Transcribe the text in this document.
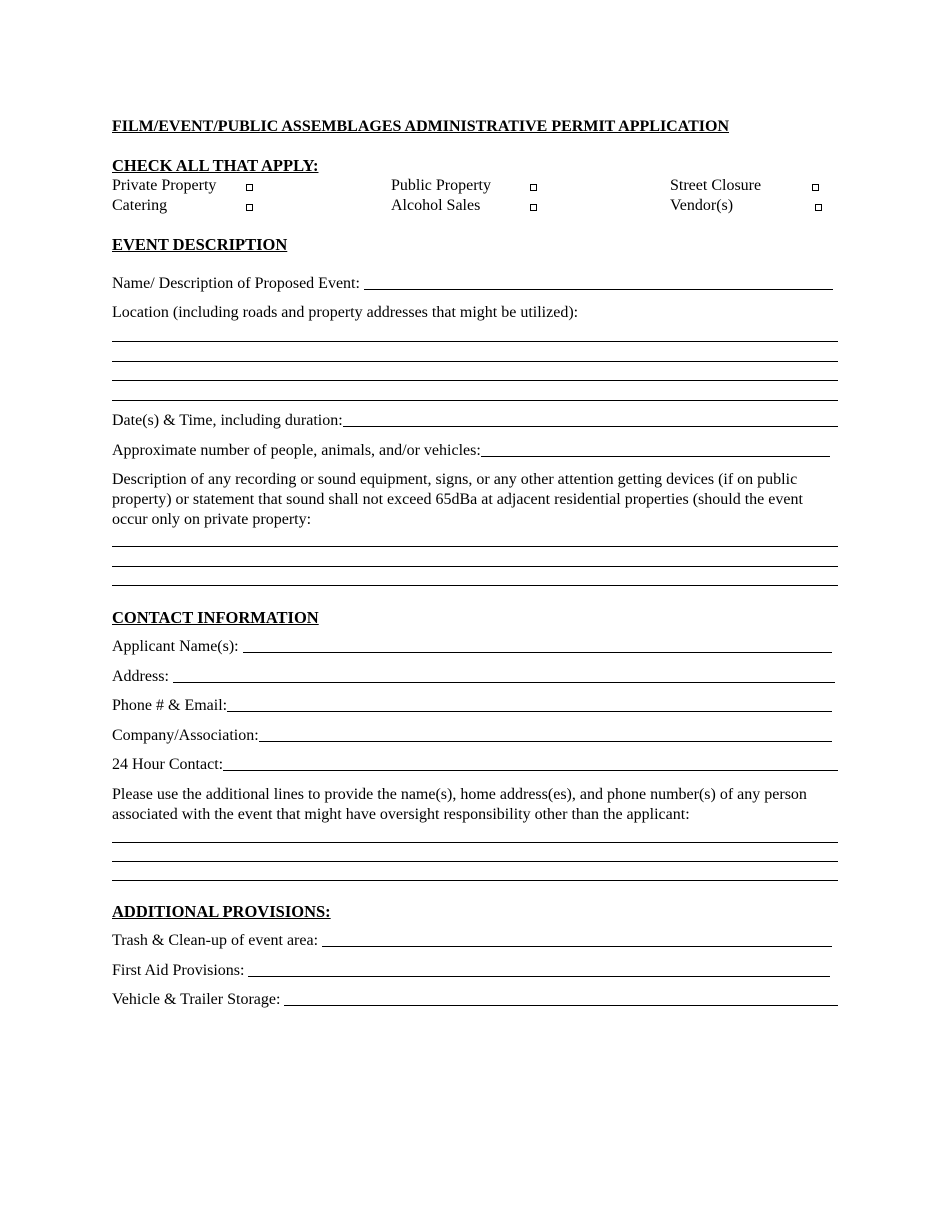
FILM/EVENT/PUBLIC ASSEMBLAGES ADMINISTRATIVE PERMIT APPLICATION
CHECK ALL THAT APPLY:
Private Property	Public Property	Street Closure
Catering	Alcohol Sales	Vendor(s)
EVENT DESCRIPTION
Name/ Description of Proposed Event:
Location (including roads and property addresses that might be utilized):
Date(s) & Time, including duration:
Approximate number of people, animals, and/or vehicles:
Description of any recording or sound equipment, signs, or any other attention getting devices (if on public property) or statement that sound shall not exceed 65dBa at adjacent residential properties (should the event occur only on private property:
CONTACT INFORMATION
Applicant Name(s):
Address:
Phone # & Email:
Company/Association:
24 Hour Contact:
Please use the additional lines to provide the name(s), home address(es), and phone number(s) of any person associated with the event that might have oversight responsibility other than the applicant:
ADDITIONAL PROVISIONS:
Trash & Clean-up of event area:
First Aid Provisions:
Vehicle & Trailer Storage:
